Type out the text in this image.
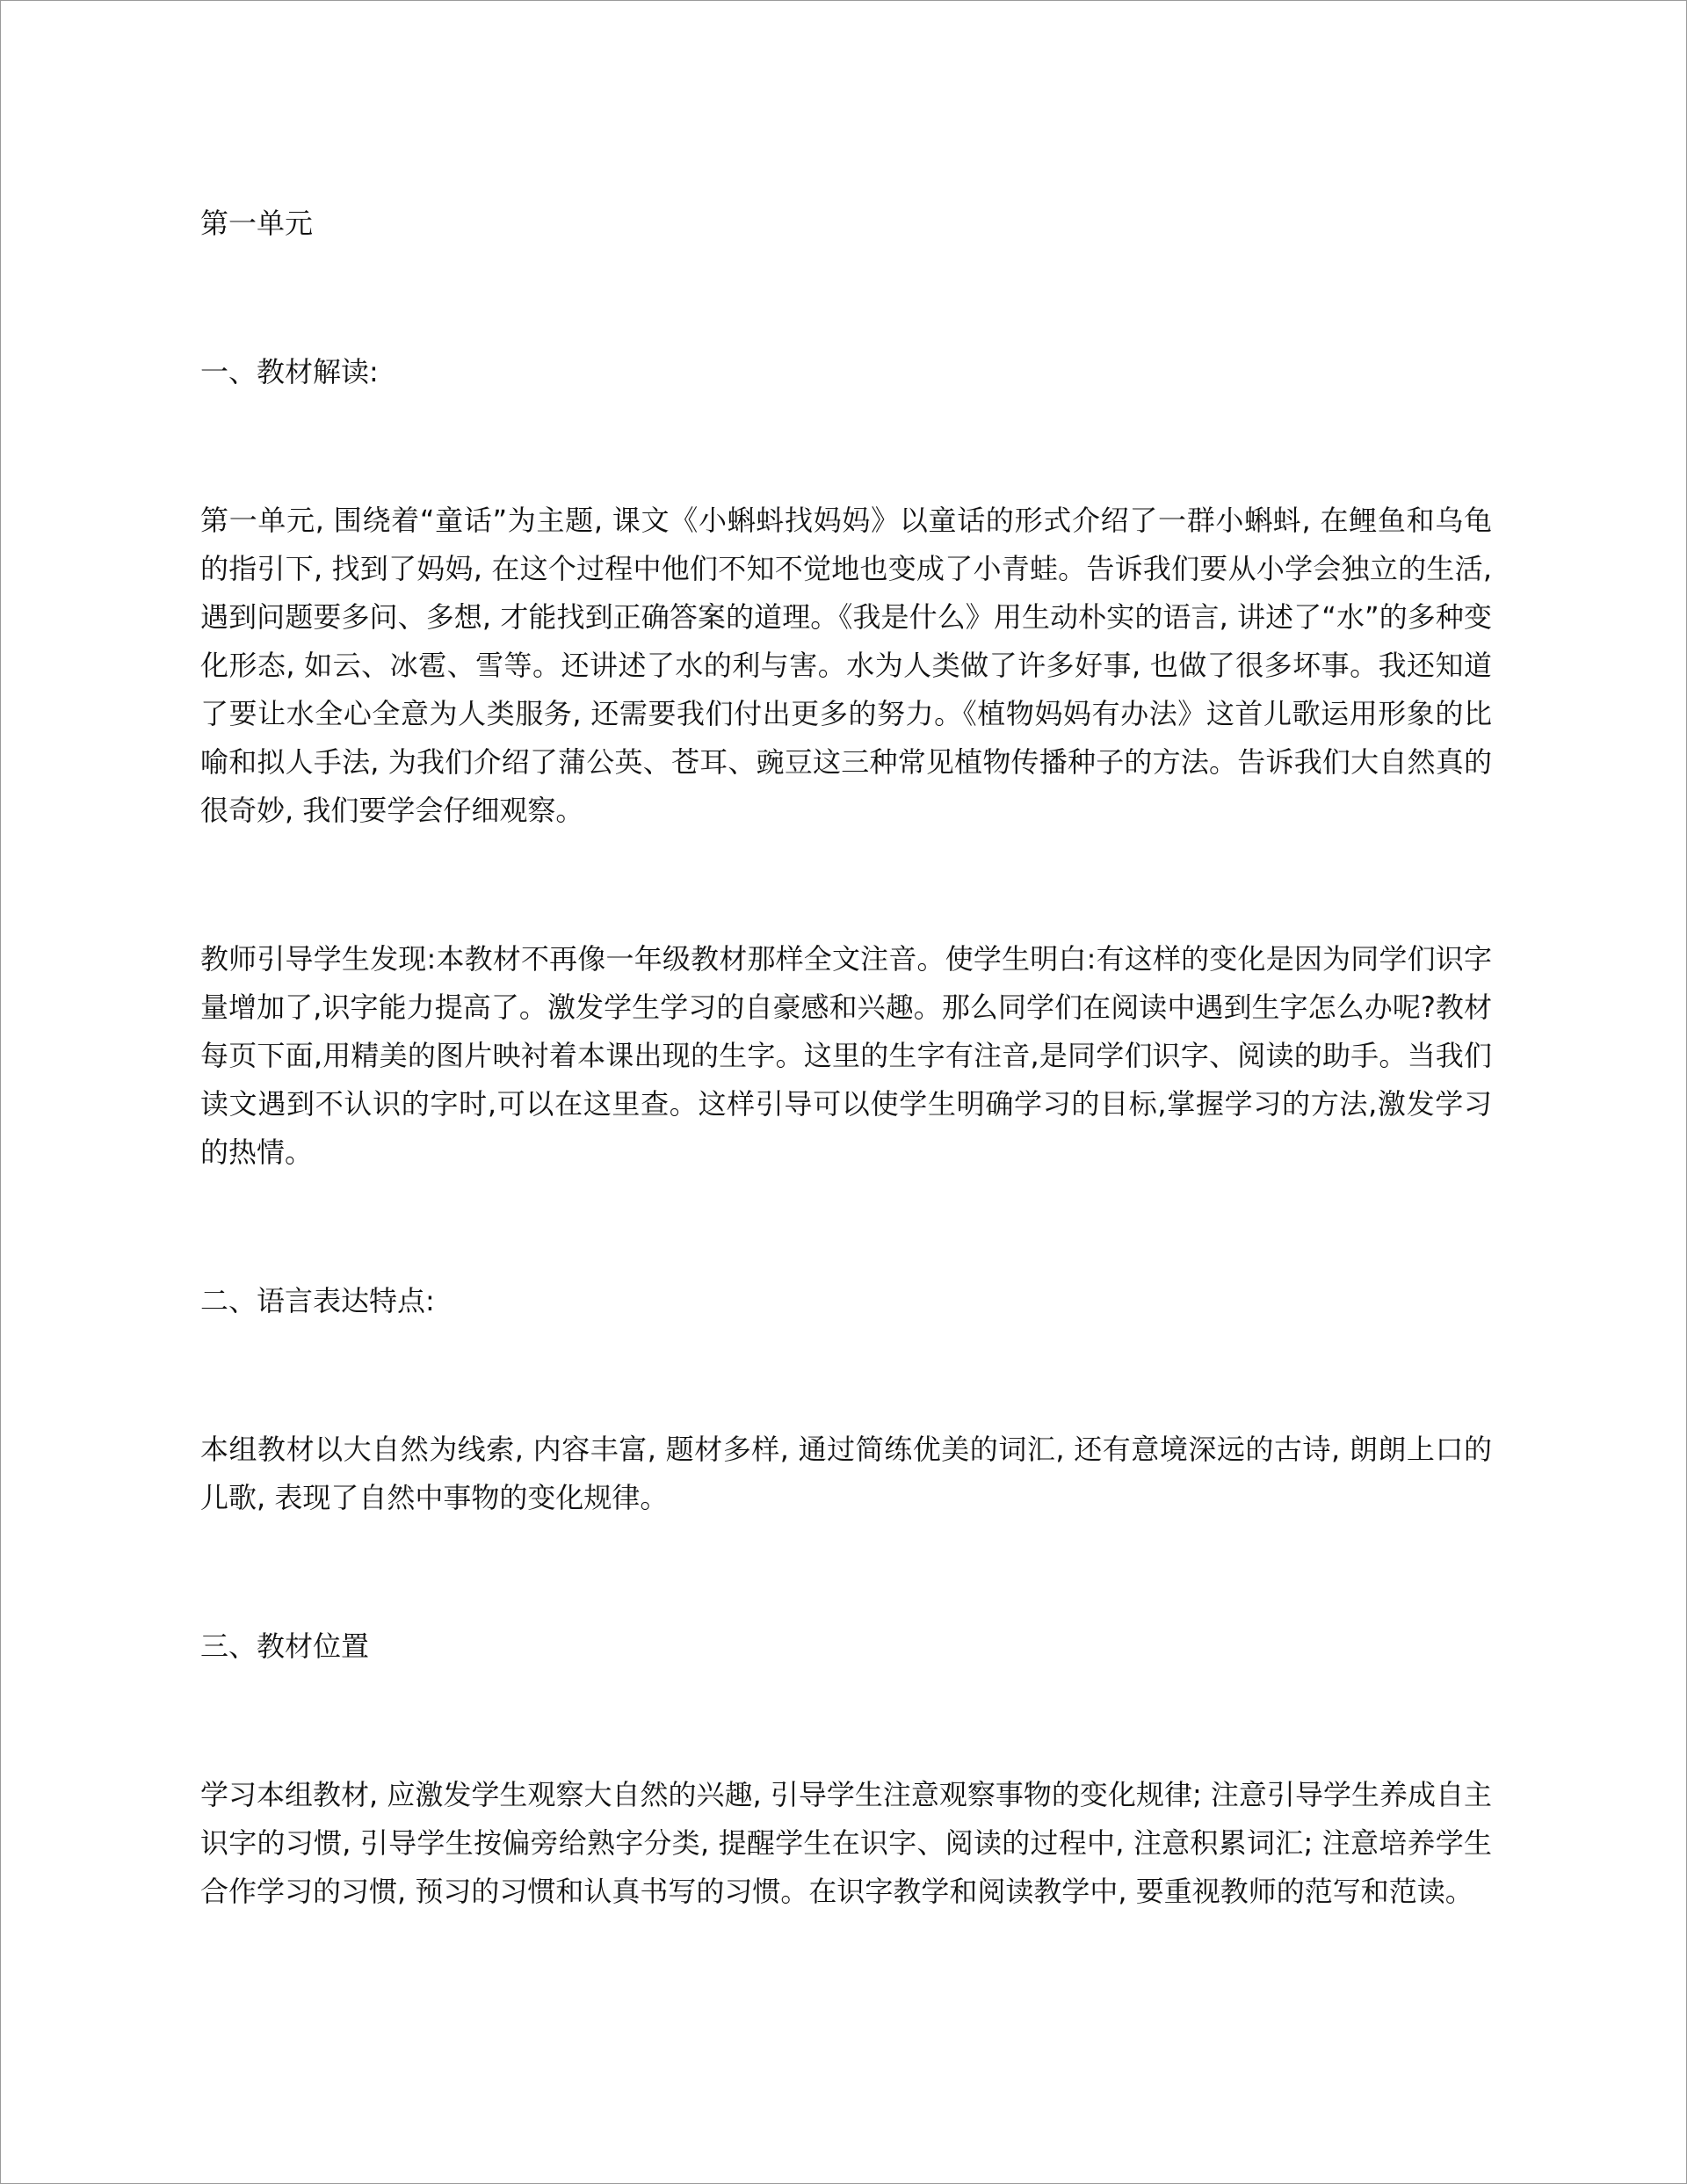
第一单元

一、教材解读:

第一单元, 围绕着“童话”为主题, 课文《小蝌蚪找妈妈》以童话的形式介绍了一群小蝌蚪, 在鲤鱼和乌龟的指引下, 找到了妈妈, 在这个过程中他们不知不觉地也变成了小青蛙。告诉我们要从小学会独立的生活, 遇到问题要多问、多想, 才能找到正确答案的道理。《我是什么》用生动朴实的语言, 讲述了“水”的多种变化形态, 如云、冰雹、雪等。还讲述了水的利与害。水为人类做了许多好事, 也做了很多坏事。我还知道了要让水全心全意为人类服务, 还需要我们付出更多的努力。《植物妈妈有办法》这首儿歌运用形象的比喻和拟人手法, 为我们介绍了蒲公英、苍耳、豌豆这三种常见植物传播种子的方法。告诉我们大自然真的很奇妙, 我们要学会仔细观察。

教师引导学生发现:本教材不再像一年级教材那样全文注音。使学生明白:有这样的变化是因为同学们识字量增加了,识字能力提高了。激发学生学习的自豪感和兴趣。那么同学们在阅读中遇到生字怎么办呢?教材每页下面,用精美的图片映衬着本课出现的生字。这里的生字有注音,是同学们识字、阅读的助手。当我们读文遇到不认识的字时,可以在这里查。这样引导可以使学生明确学习的目标,掌握学习的方法,激发学习的热情。

二、语言表达特点:

本组教材以大自然为线索, 内容丰富, 题材多样, 通过简练优美的词汇, 还有意境深远的古诗, 朗朗上口的儿歌, 表现了自然中事物的变化规律。

三、教材位置

学习本组教材, 应激发学生观察大自然的兴趣, 引导学生注意观察事物的变化规律; 注意引导学生养成自主识字的习惯, 引导学生按偏旁给熟字分类, 提醒学生在识字、阅读的过程中, 注意积累词汇; 注意培养学生合作学习的习惯, 预习的习惯和认真书写的习惯。在识字教学和阅读教学中, 要重视教师的范写和范读。
